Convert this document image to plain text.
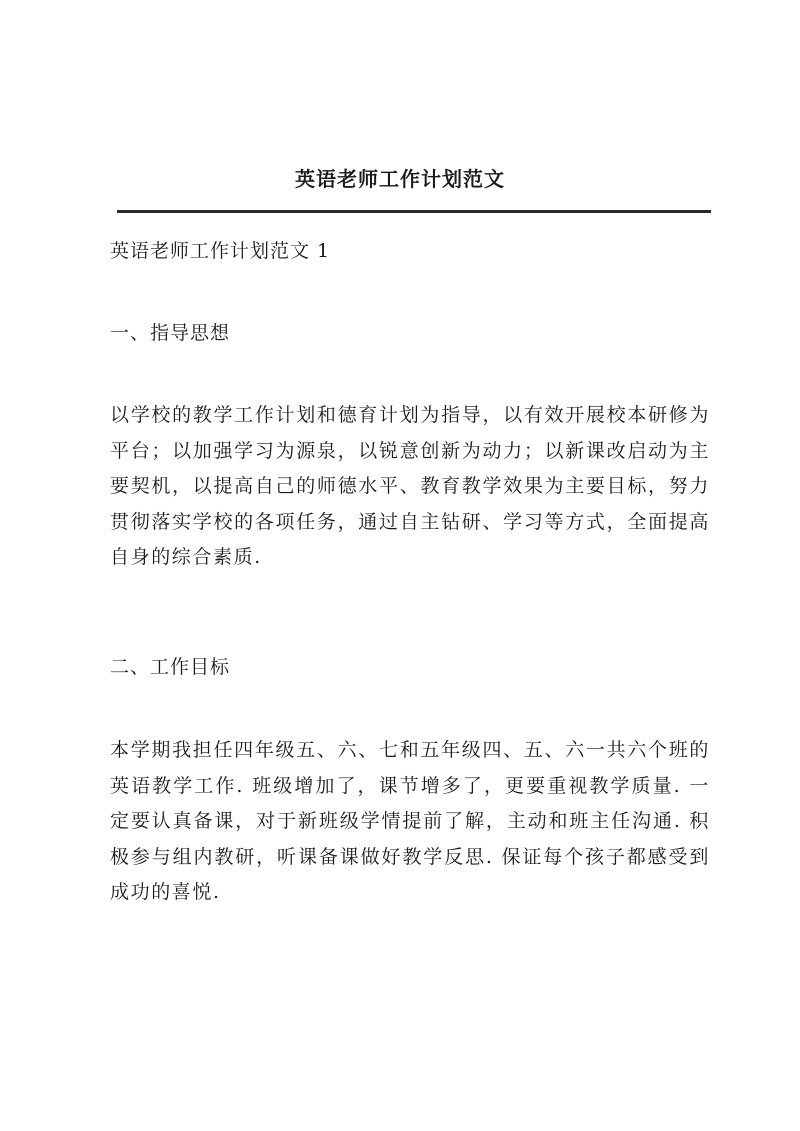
英语老师工作计划范文

英语老师工作计划范文 1

一、指导思想

以学校的教学工作计划和德育计划为指导，以有效开展校本研修为平台；以加强学习为源泉，以锐意创新为动力；以新课改启动为主要契机，以提高自己的师德水平、教育教学效果为主要目标，努力贯彻落实学校的各项任务，通过自主钻研、学习等方式，全面提高自身的综合素质.

二、工作目标

本学期我担任四年级五、六、七和五年级四、五、六一共六个班的英语教学工作. 班级增加了，课节增多了，更要重视教学质量. 一定要认真备课，对于新班级学情提前了解，主动和班主任沟通. 积极参与组内教研，听课备课做好教学反思. 保证每个孩子都感受到成功的喜悦.
